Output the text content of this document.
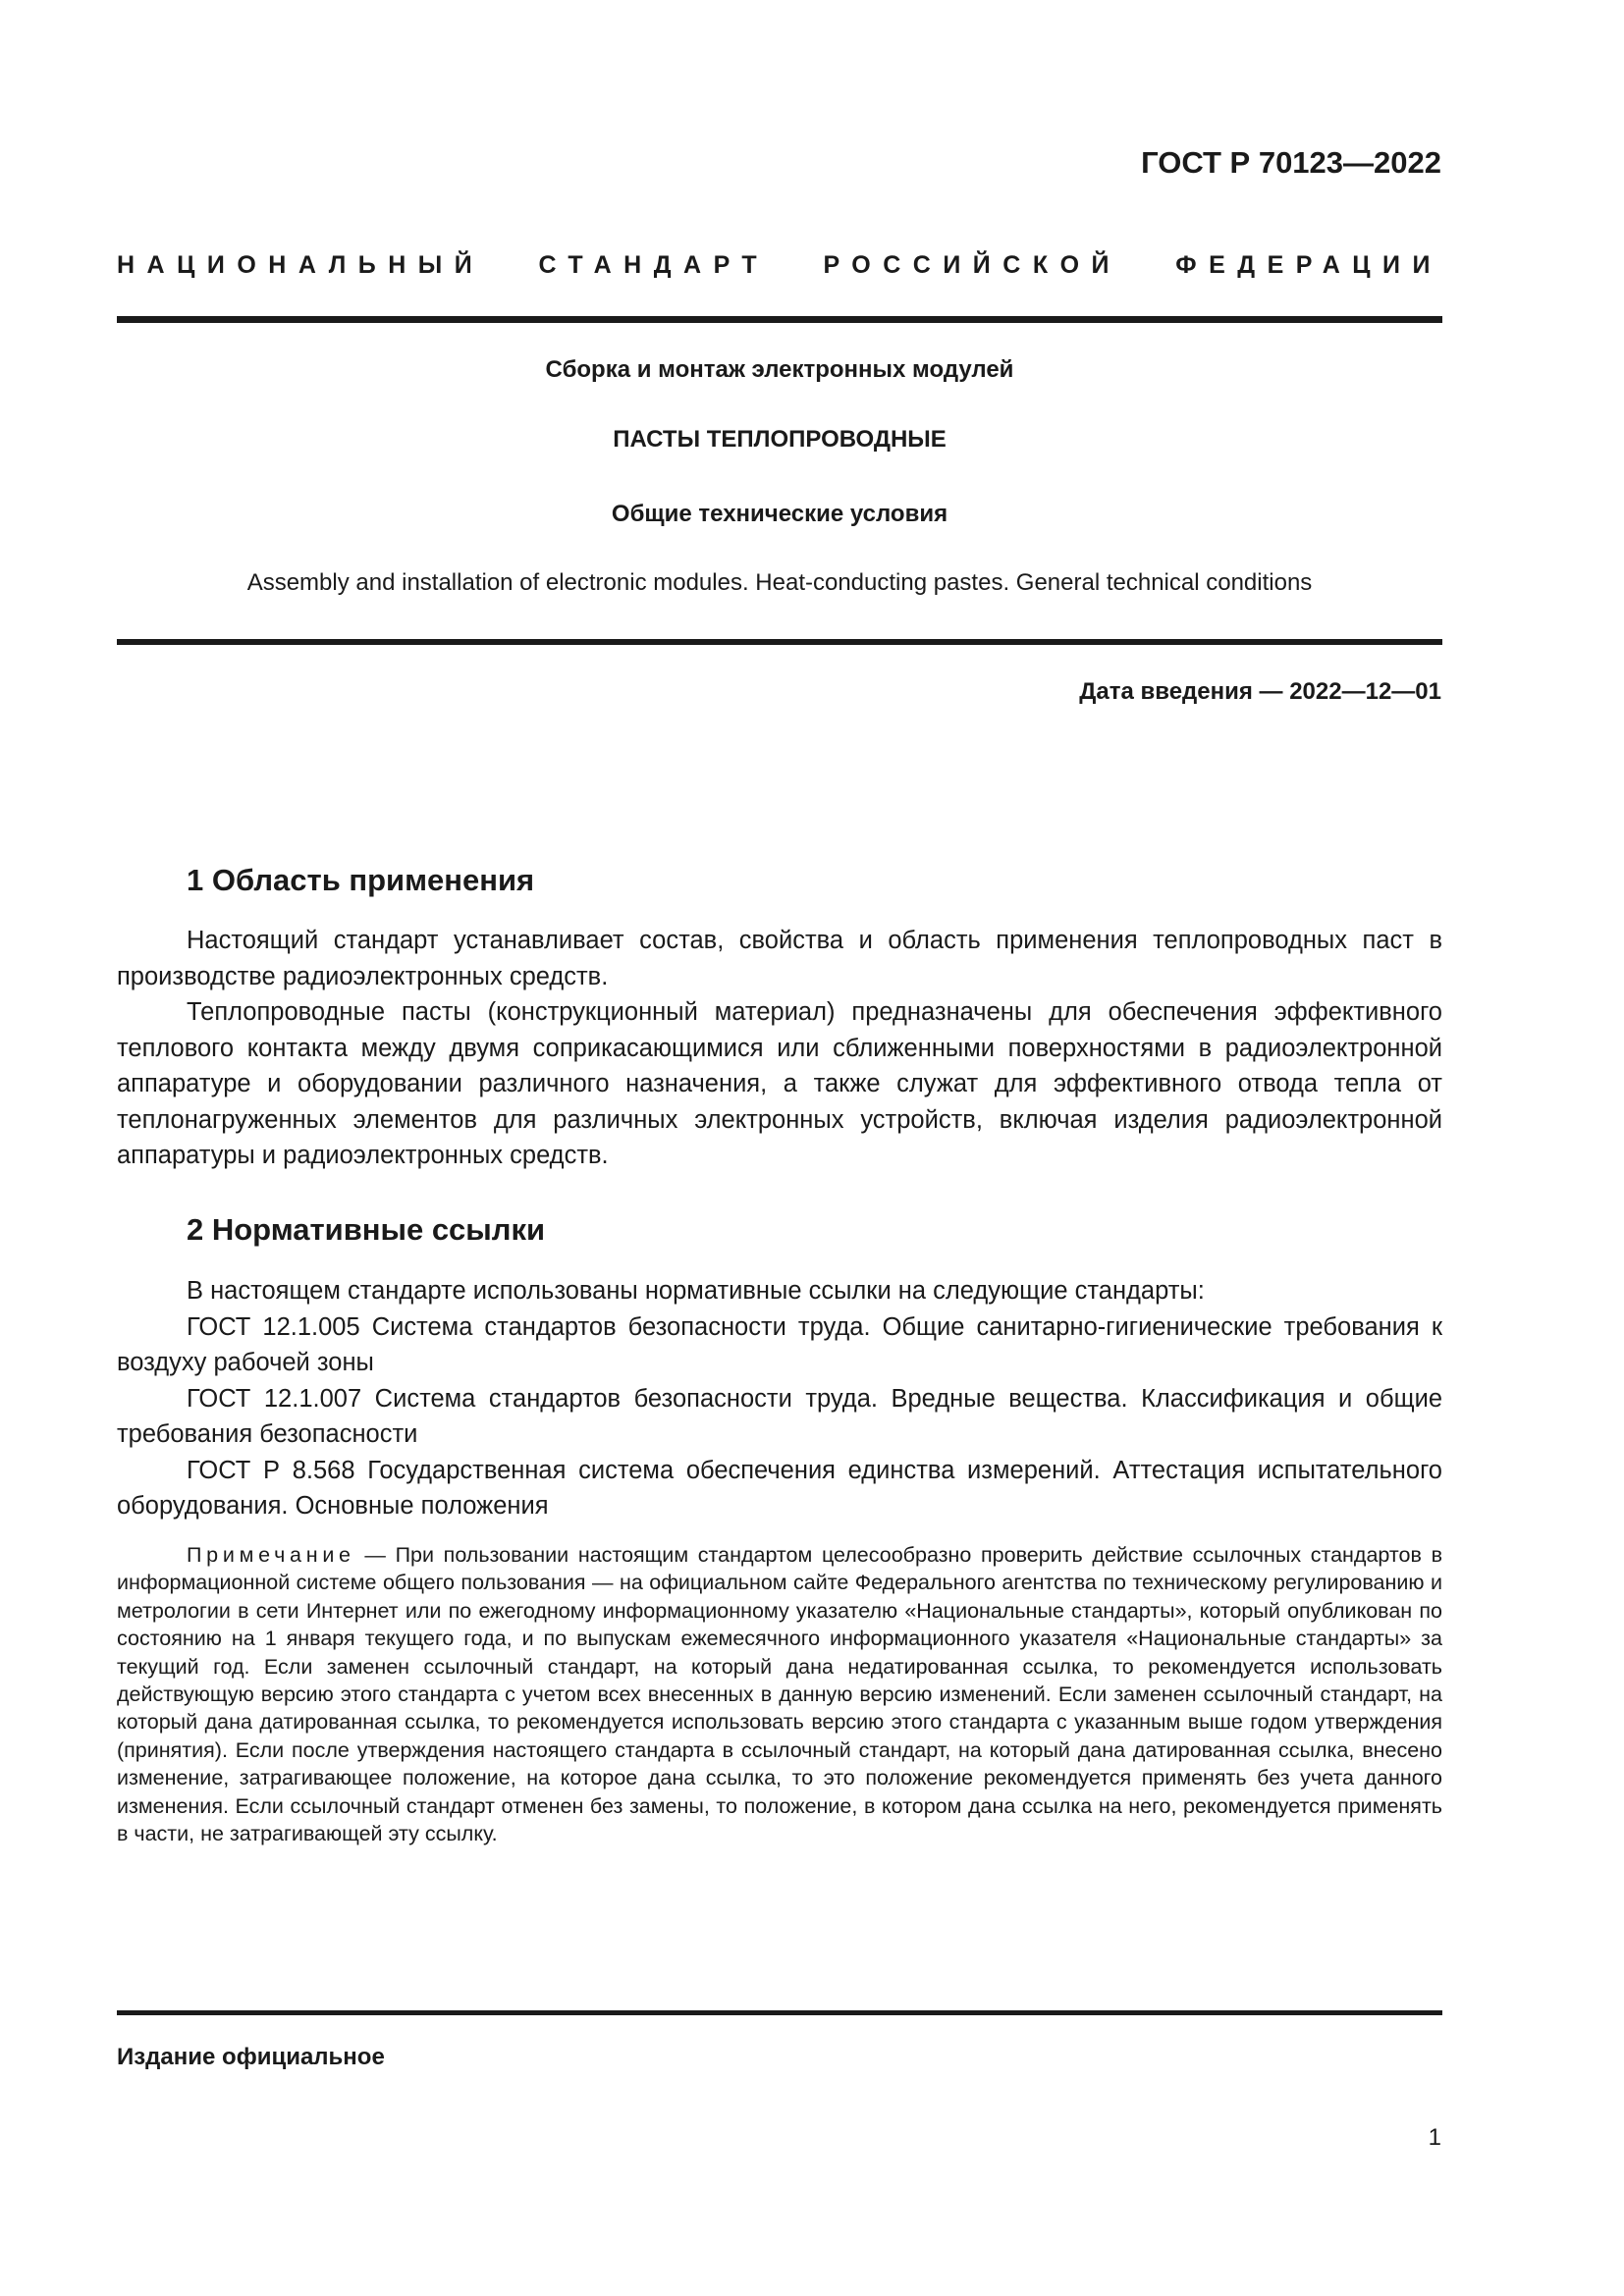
ГОСТ Р 70123—2022
НАЦИОНАЛЬНЫЙ СТАНДАРТ РОССИЙСКОЙ ФЕДЕРАЦИИ
Сборка и монтаж электронных модулей
ПАСТЫ ТЕПЛОПРОВОДНЫЕ
Общие технические условия
Assembly and installation of electronic modules. Heat-conducting pastes. General technical conditions
Дата введения — 2022—12—01
1 Область применения

Настоящий стандарт устанавливает состав, свойства и область применения теплопроводных паст в производстве радиоэлектронных средств.

Теплопроводные пасты (конструкционный материал) предназначены для обеспечения эффективного теплового контакта между двумя соприкасающимися или сближенными поверхностями в радиоэлектронной аппаратуре и оборудовании различного назначения, а также служат для эффективного отвода тепла от теплонагруженных элементов для различных электронных устройств, включая изделия радиоэлектронной аппаратуры и радиоэлектронных средств.

2 Нормативные ссылки

В настоящем стандарте использованы нормативные ссылки на следующие стандарты:

ГОСТ 12.1.005 Система стандартов безопасности труда. Общие санитарно-гигиенические требования к воздуху рабочей зоны

ГОСТ 12.1.007 Система стандартов безопасности труда. Вредные вещества. Классификация и общие требования безопасности

ГОСТ Р 8.568 Государственная система обеспечения единства измерений. Аттестация испытательного оборудования. Основные положения

Примечание — При пользовании настоящим стандартом целесообразно проверить действие ссылочных стандартов в информационной системе общего пользования — на официальном сайте Федерального агентства по техническому регулированию и метрологии в сети Интернет или по ежегодному информационному указателю «Национальные стандарты», который опубликован по состоянию на 1 января текущего года, и по выпускам ежемесячного информационного указателя «Национальные стандарты» за текущий год. Если заменен ссылочный стандарт, на который дана недатированная ссылка, то рекомендуется использовать действующую версию этого стандарта с учетом всех внесенных в данную версию изменений. Если заменен ссылочный стандарт, на который дана датированная ссылка, то рекомендуется использовать версию этого стандарта с указанным выше годом утверждения (принятия). Если после утверждения настоящего стандарта в ссылочный стандарт, на который дана датированная ссылка, внесено изменение, затрагивающее положение, на которое дана ссылка, то это положение рекомендуется применять без учета данного изменения. Если ссылочный стандарт отменен без замены, то положение, в котором дана ссылка на него, рекомендуется применять в части, не затрагивающей эту ссылку.

Издание официальное
1
